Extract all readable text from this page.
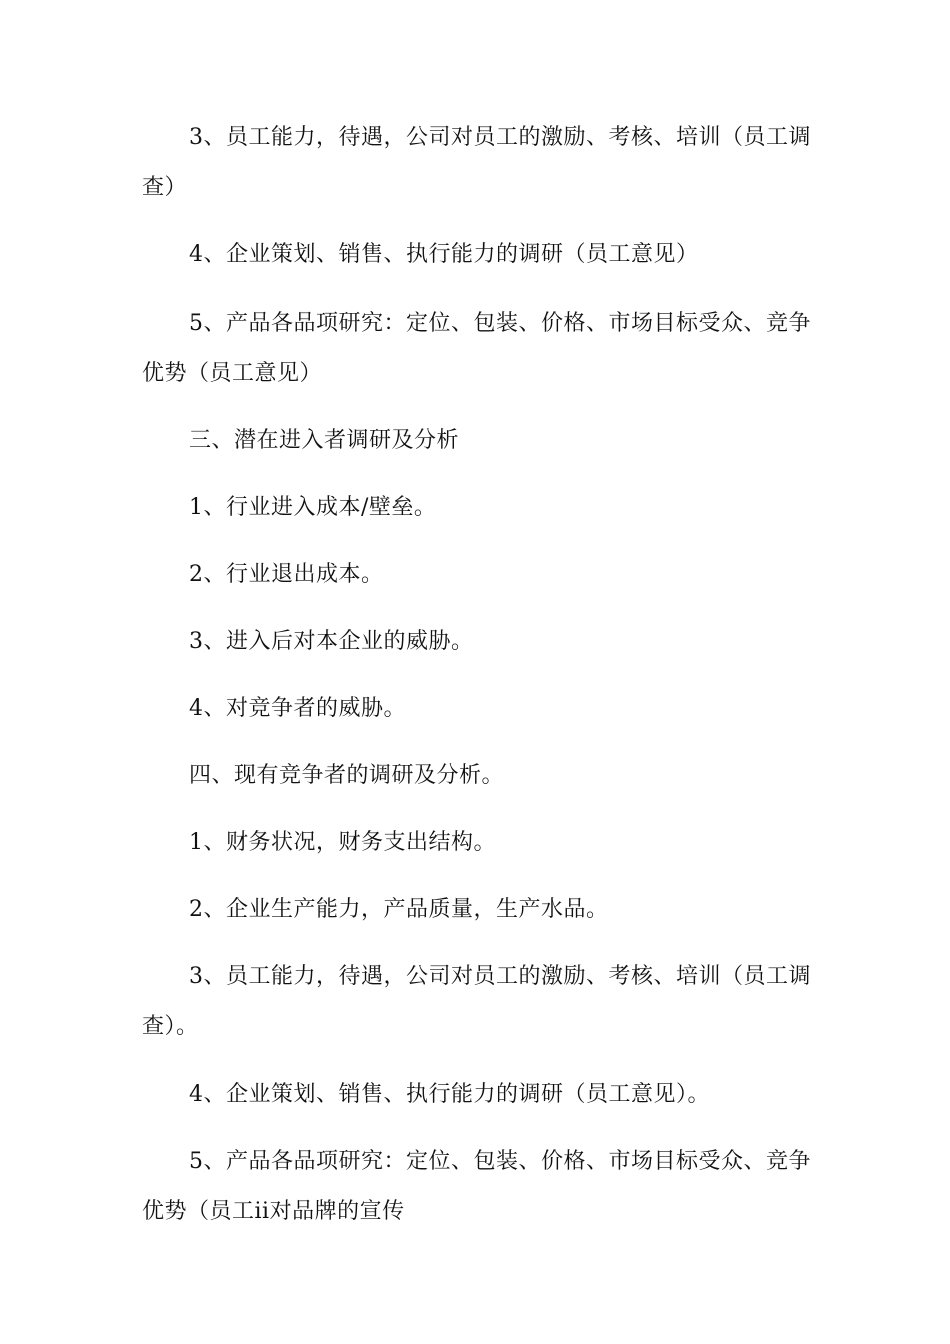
3、员工能力，待遇，公司对员工的激励、考核、培训（员工调查）

4、企业策划、销售、执行能力的调研（员工意见）

5、产品各品项研究：定位、包装、价格、市场目标受众、竞争优势（员工意见）

三、潜在进入者调研及分析

1、行业进入成本/壁垒。

2、行业退出成本。

3、进入后对本企业的威胁。

4、对竞争者的威胁。

四、现有竞争者的调研及分析。

1、财务状况，财务支出结构。

2、企业生产能力，产品质量，生产水品。

3、员工能力，待遇，公司对员工的激励、考核、培训（员工调查）。

4、企业策划、销售、执行能力的调研（员工意见）。

5、产品各品项研究：定位、包装、价格、市场目标受众、竞争优势（员工ii对品牌的宣传
